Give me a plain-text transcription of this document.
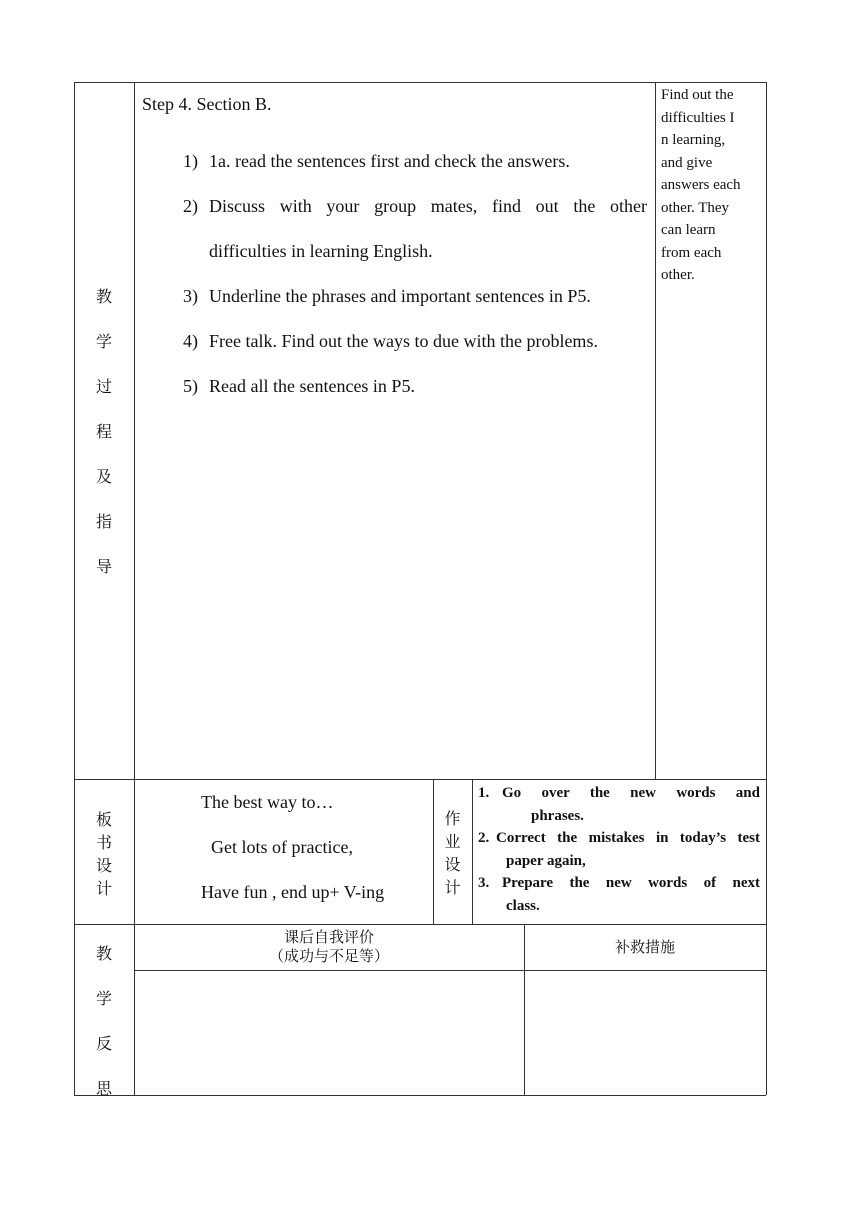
教
学
过
程
及
指
导
Step 4. Section B.
1) 1a. read the sentences first and check the answers.
2) Discuss with your group mates, find out the other
difficulties in learning English.
3) Underline the phrases and important sentences in P5.
4) Free talk. Find out the ways to due with the problems.
5) Read all the sentences in P5.
Find out the
difficulties I
n learning,
and give
answers each
other. They
can learn
from each
other.
板
书
设
计
The best way to…
Get lots of practice,
Have fun , end up+ V-ing
作
业
设
计
1. Go over the new words and
phrases.
2. Correct the mistakes in today’s test
paper again,
3. Prepare the new words of next
class.
教
学
反
思
课后自我评价
（成功与不足等）	补救措施
